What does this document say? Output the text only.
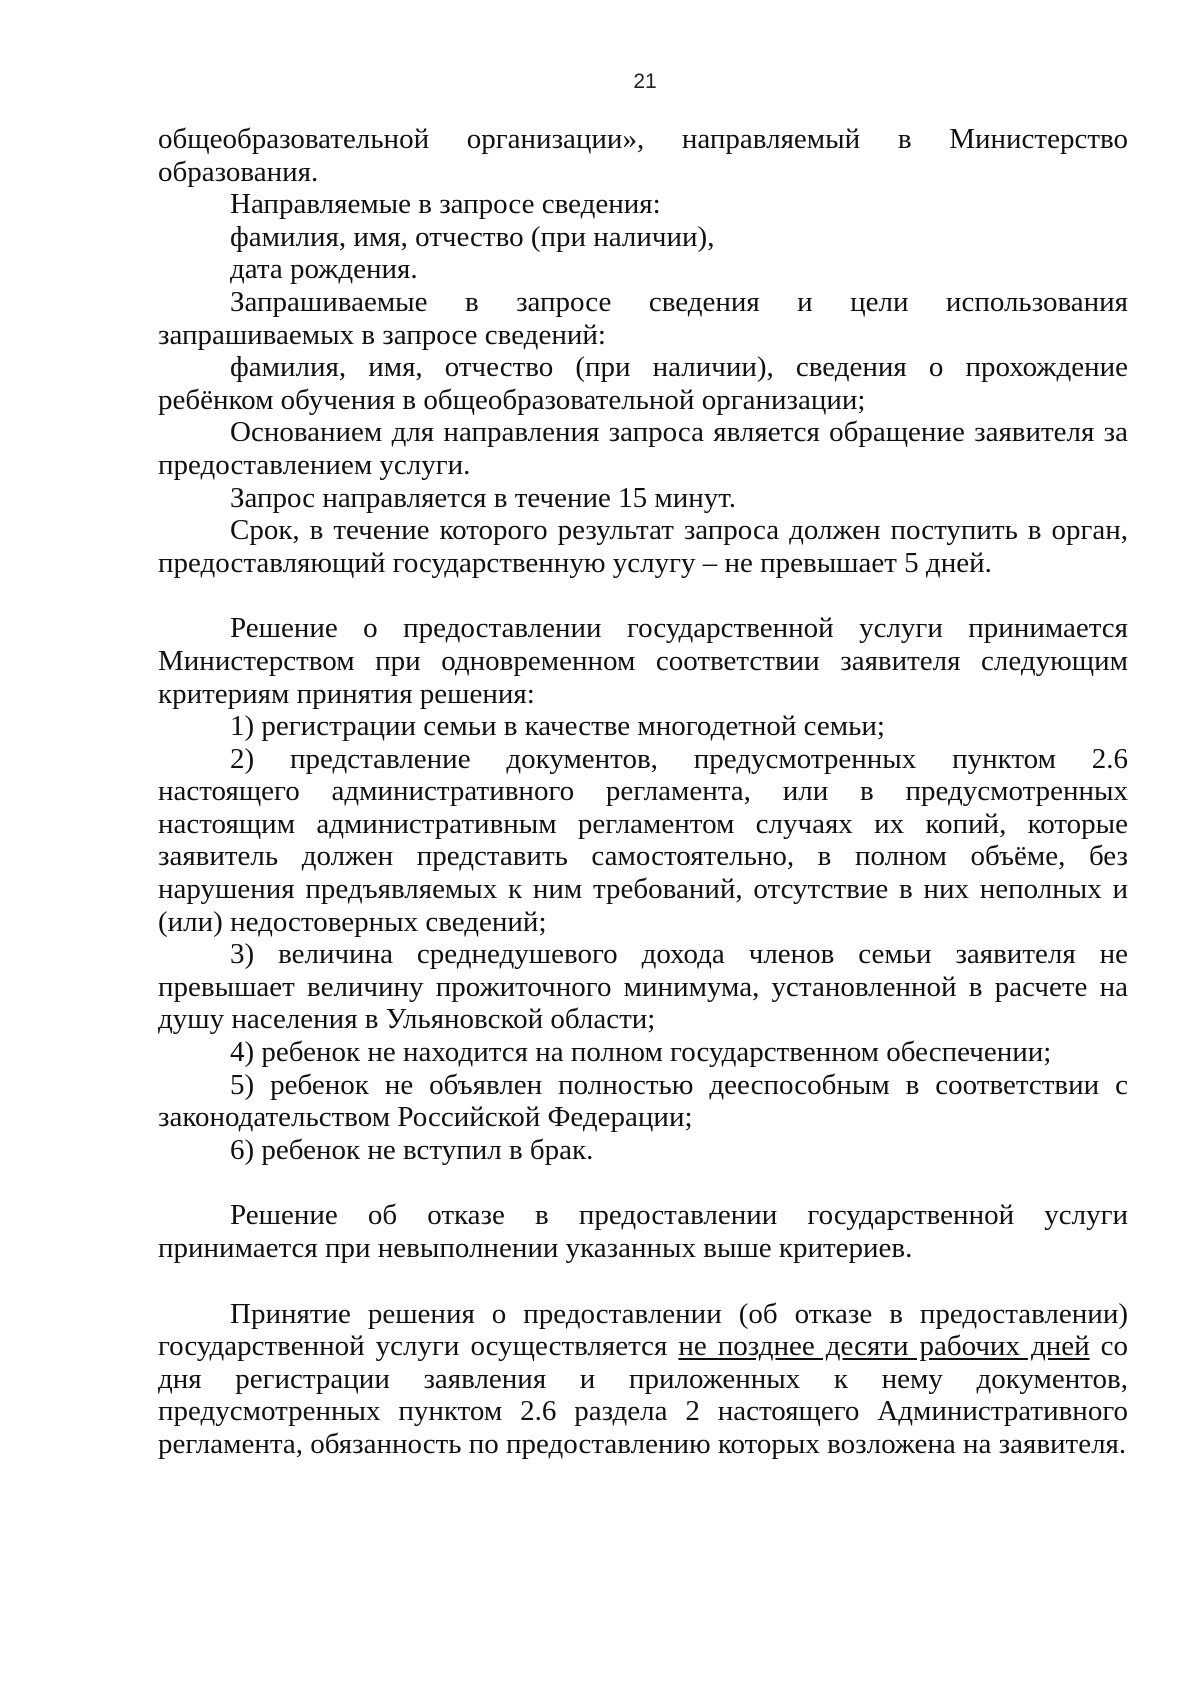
21

общеобразовательной организации», направляемый в Министерство

образования.

Направляемые в запросе сведения:

фамилия, имя, отчество (при наличии),

дата рождения.

Запрашиваемые в запросе сведения и цели использования запрашиваемых в запросе сведений:

фамилия, имя, отчество (при наличии), сведения о прохождение ребёнком обучения в общеобразовательной организации;

Основанием для направления запроса является обращение заявителя за предоставлением услуги.

Запрос направляется в течение 15 минут.

Срок, в течение которого результат запроса должен поступить в орган, предоставляющий государственную услугу – не превышает 5 дней.

Решение о предоставлении государственной услуги принимается Министерством при одновременном соответствии заявителя следующим критериям принятия решения:

1) регистрации семьи в качестве многодетной семьи;

2) представление документов, предусмотренных пунктом 2.6 настоящего административного регламента, или в предусмотренных настоящим административным регламентом случаях их копий, которые заявитель должен представить самостоятельно, в полном объёме, без нарушения предъявляемых к ним требований, отсутствие в них неполных и (или) недостоверных сведений;

3) величина среднедушевого дохода членов семьи заявителя не превышает величину прожиточного минимума, установленной в расчете на душу населения в Ульяновской области;

4) ребенок не находится на полном государственном обеспечении;

5) ребенок не объявлен полностью дееспособным в соответствии с законодательством Российской Федерации;

6) ребенок не вступил в брак.

Решение об отказе в предоставлении государственной услуги принимается при невыполнении указанных выше критериев.

Принятие решения о предоставлении (об отказе в предоставлении) государственной услуги осуществляется не позднее десяти рабочих дней со дня регистрации заявления и приложенных к нему документов, предусмотренных пунктом 2.6 раздела 2 настоящего Административного регламента, обязанность по предоставлению которых возложена на заявителя.
